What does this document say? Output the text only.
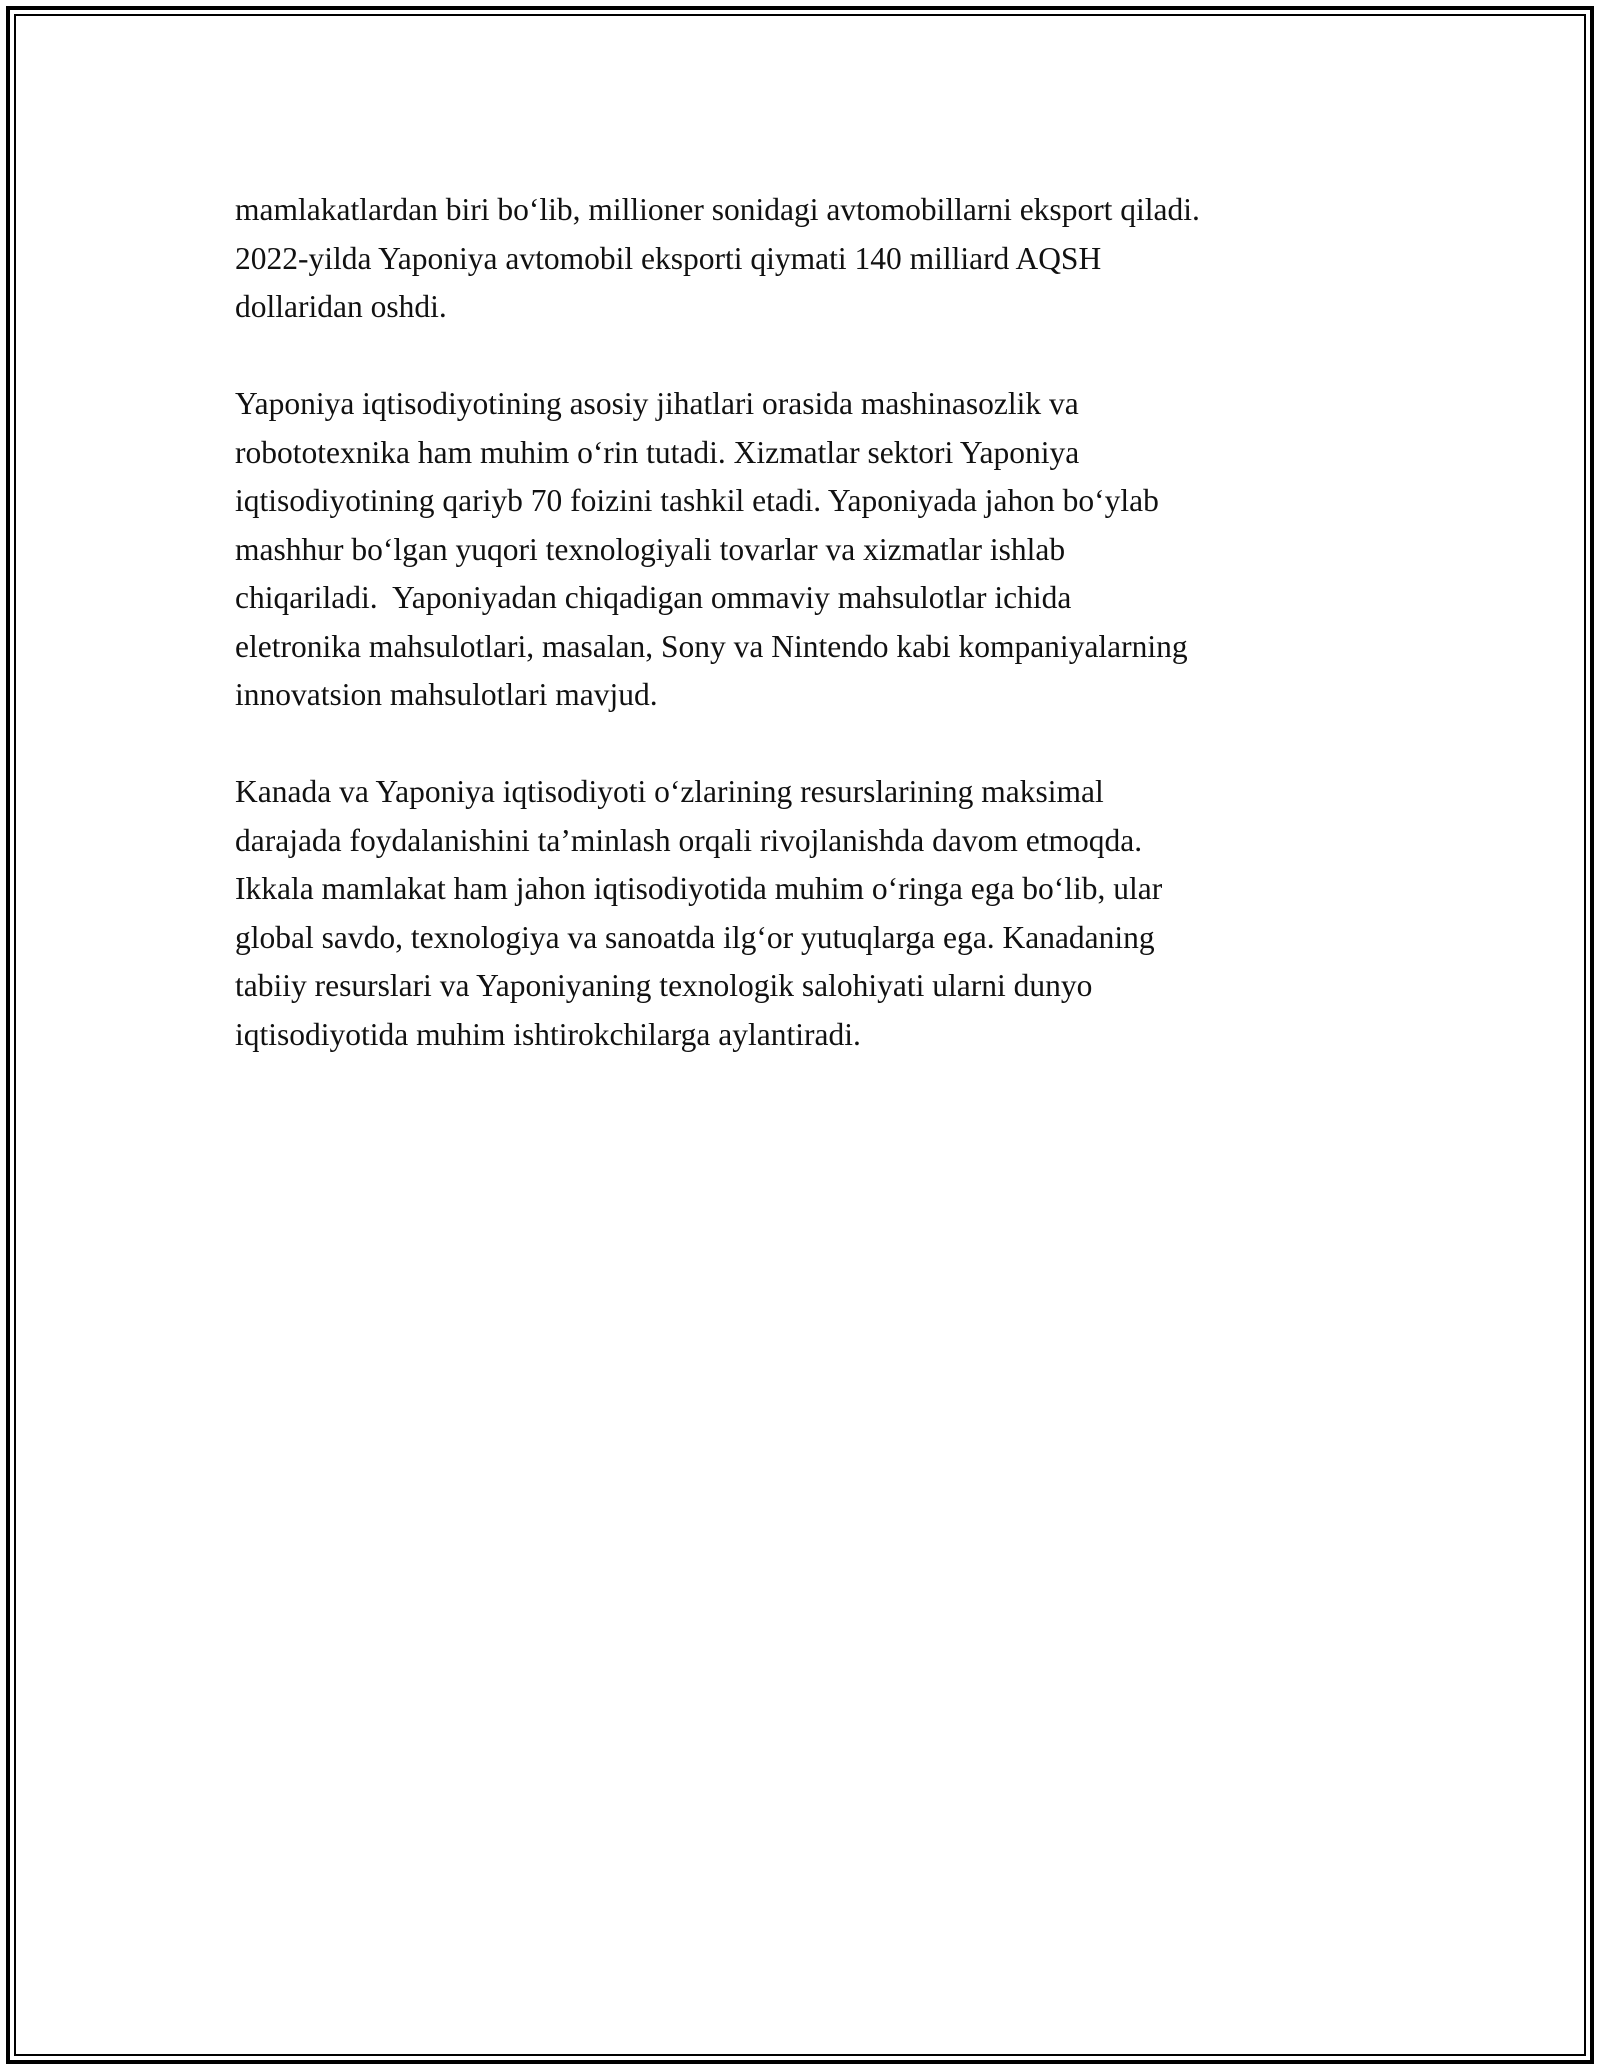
mamlakatlardan biri bo‘lib, millioner sonidagi avtomobillarni eksport qiladi.
2022-yilda Yaponiya avtomobil eksporti qiymati 140 milliard AQSH
dollaridan oshdi.

Yaponiya iqtisodiyotining asosiy jihatlari orasida mashinasozlik va
robototexnika ham muhim o‘rin tutadi. Xizmatlar sektori Yaponiya
iqtisodiyotining qariyb 70 foizini tashkil etadi. Yaponiyada jahon bo‘ylab
mashhur bo‘lgan yuqori texnologiyali tovarlar va xizmatlar ishlab
chiqariladi.  Yaponiyadan chiqadigan ommaviy mahsulotlar ichida
eletronika mahsulotlari, masalan, Sony va Nintendo kabi kompaniyalarning
innovatsion mahsulotlari mavjud.

Kanada va Yaponiya iqtisodiyoti o‘zlarining resurslarining maksimal
darajada foydalanishini ta’minlash orqali rivojlanishda davom etmoqda.
Ikkala mamlakat ham jahon iqtisodiyotida muhim o‘ringa ega bo‘lib, ular
global savdo, texnologiya va sanoatda ilg‘or yutuqlarga ega. Kanadaning
tabiiy resurslari va Yaponiyaning texnologik salohiyati ularni dunyo
iqtisodiyotida muhim ishtirokchilarga aylantiradi.
